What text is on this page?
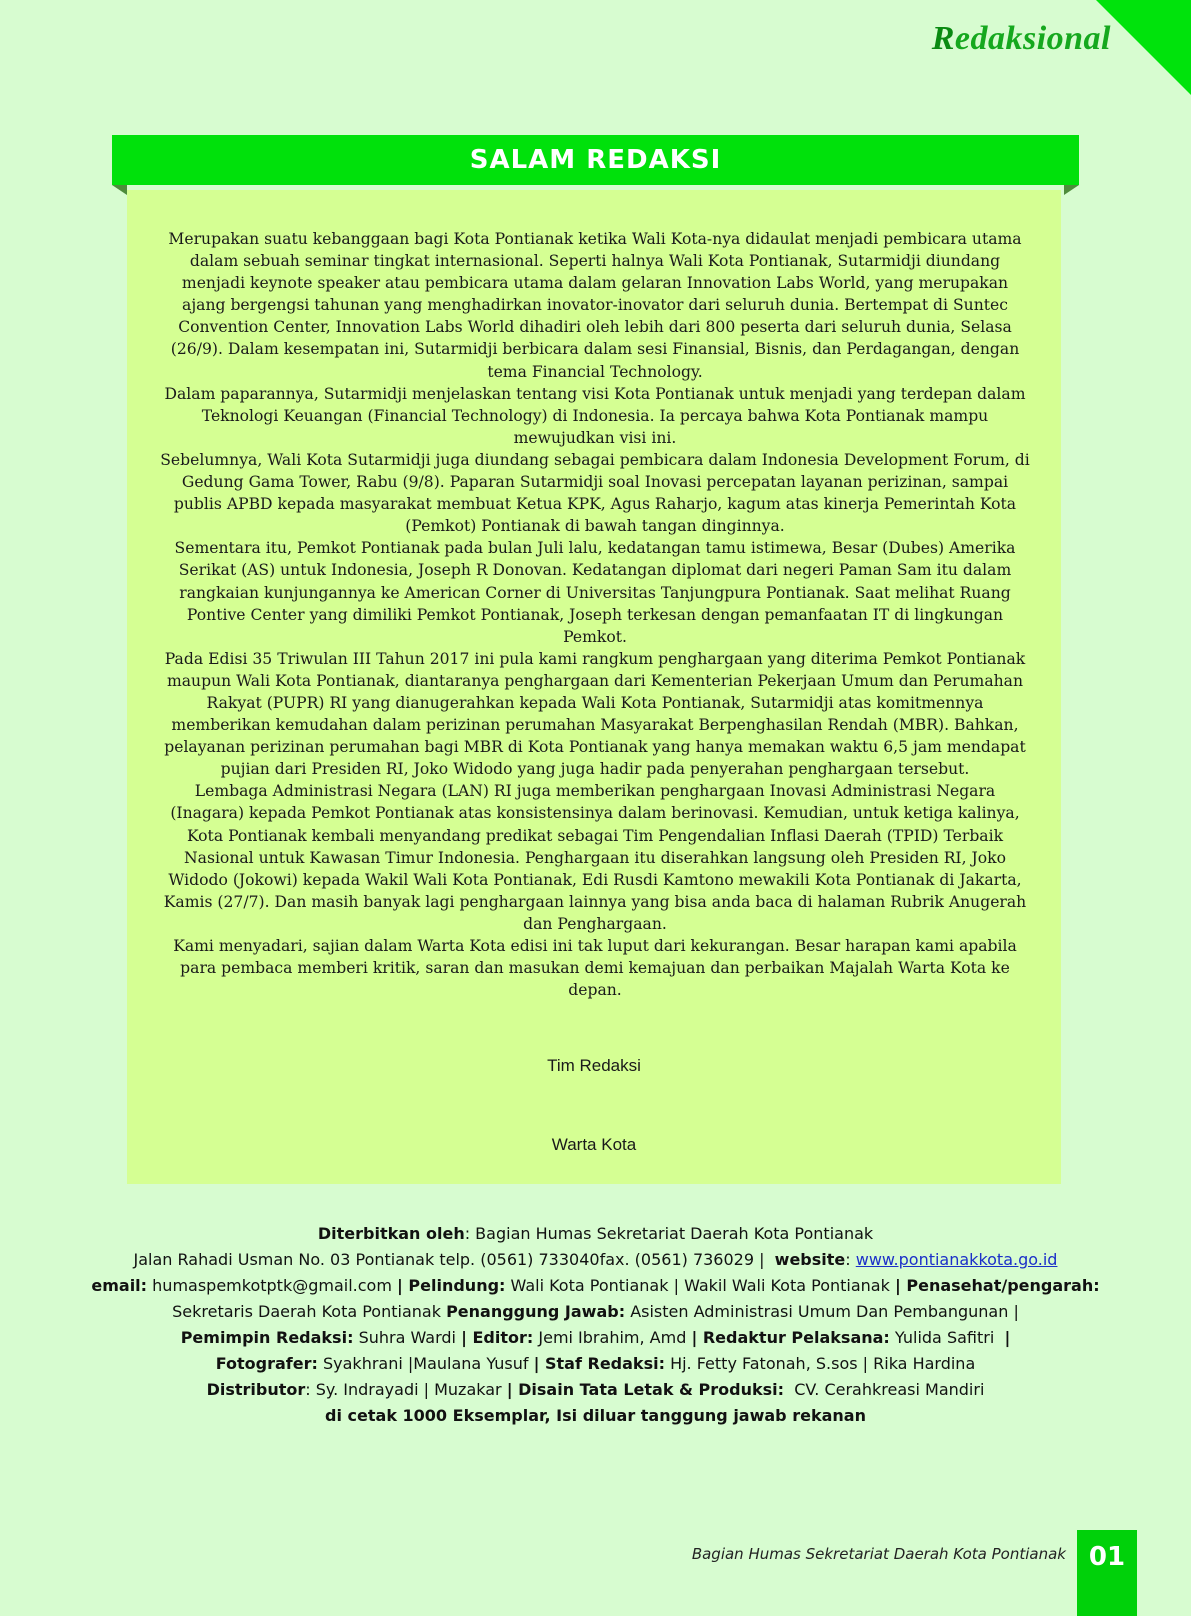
Redaksional
SALAM REDAKSI

Merupakan suatu kebanggaan bagi Kota Pontianak ketika Wali Kota-nya didaulat menjadi pembicara utama dalam sebuah seminar tingkat internasional. Seperti halnya Wali Kota Pontianak, Sutarmidji diundang menjadi keynote speaker atau pembicara utama dalam gelaran Innovation Labs World, yang merupakan ajang bergengsi tahunan yang menghadirkan inovator-inovator dari seluruh dunia. Bertempat di Suntec Convention Center, Innovation Labs World dihadiri oleh lebih dari 800 peserta dari seluruh dunia, Selasa (26/9). Dalam kesempatan ini, Sutarmidji berbicara dalam sesi Finansial, Bisnis, dan Perdagangan, dengan tema Financial Technology.

Dalam paparannya, Sutarmidji menjelaskan tentang visi Kota Pontianak untuk menjadi yang terdepan dalam Teknologi Keuangan (Financial Technology) di Indonesia. Ia percaya bahwa Kota Pontianak mampu mewujudkan visi ini.

Sebelumnya, Wali Kota Sutarmidji juga diundang sebagai pembicara dalam Indonesia Development Forum, di Gedung Gama Tower, Rabu (9/8). Paparan Sutarmidji soal Inovasi percepatan layanan perizinan, sampai publis APBD kepada masyarakat membuat Ketua KPK, Agus Raharjo, kagum atas kinerja Pemerintah Kota (Pemkot) Pontianak di bawah tangan dinginnya.

Sementara itu, Pemkot Pontianak pada bulan Juli lalu, kedatangan tamu istimewa, Besar (Dubes) Amerika Serikat (AS) untuk Indonesia, Joseph R Donovan. Kedatangan diplomat dari negeri Paman Sam itu dalam rangkaian kunjungannya ke American Corner di Universitas Tanjungpura Pontianak. Saat melihat Ruang Pontive Center yang dimiliki Pemkot Pontianak, Joseph terkesan dengan pemanfaatan IT di lingkungan Pemkot.

Pada Edisi 35 Triwulan III Tahun 2017 ini pula kami rangkum penghargaan yang diterima Pemkot Pontianak maupun Wali Kota Pontianak, diantaranya penghargaan dari Kementerian Pekerjaan Umum dan Perumahan Rakyat (PUPR) RI yang dianugerahkan kepada Wali Kota Pontianak, Sutarmidji atas komitmennya memberikan kemudahan dalam perizinan perumahan Masyarakat Berpenghasilan Rendah (MBR). Bahkan, pelayanan perizinan perumahan bagi MBR di Kota Pontianak yang hanya memakan waktu 6,5 jam mendapat pujian dari Presiden RI, Joko Widodo yang juga hadir pada penyerahan penghargaan tersebut.

Lembaga Administrasi Negara (LAN) RI juga memberikan penghargaan Inovasi Administrasi Negara (Inagara) kepada Pemkot Pontianak atas konsistensinya dalam berinovasi. Kemudian, untuk ketiga kalinya, Kota Pontianak kembali menyandang predikat sebagai Tim Pengendalian Inflasi Daerah (TPID) Terbaik Nasional untuk Kawasan Timur Indonesia. Penghargaan itu diserahkan langsung oleh Presiden RI, Joko Widodo (Jokowi) kepada Wakil Wali Kota Pontianak, Edi Rusdi Kamtono mewakili Kota Pontianak di Jakarta, Kamis (27/7). Dan masih banyak lagi penghargaan lainnya yang bisa anda baca di halaman Rubrik Anugerah dan Penghargaan.

Kami menyadari, sajian dalam Warta Kota edisi ini tak luput dari kekurangan. Besar harapan kami apabila para pembaca memberi kritik, saran dan masukan demi kemajuan dan perbaikan Majalah Warta Kota ke depan.

Tim Redaksi
Warta Kota

Diterbitkan oleh: Bagian Humas Sekretariat Daerah Kota Pontianak

Jalan Rahadi Usman No. 03 Pontianak telp. (0561) 733040fax. (0561) 736029 | website: www.pontianakkota.go.id

email: humaspemkotptk@gmail.com | Pelindung: Wali Kota Pontianak | Wakil Wali Kota Pontianak | Penasehat/pengarah:

Sekretaris Daerah Kota Pontianak Penanggung Jawab: Asisten Administrasi Umum Dan Pembangunan |

Pemimpin Redaksi: Suhra Wardi | Editor: Jemi Ibrahim, Amd | Redaktur Pelaksana: Yulida Safitri |

Fotografer: Syakhrani |Maulana Yusuf | Staf Redaksi: Hj. Fetty Fatonah, S.sos | Rika Hardina

Distributor: Sy. Indrayadi | Muzakar | Disain Tata Letak & Produksi: CV. Cerahkreasi Mandiri

di cetak 1000 Eksemplar, Isi diluar tanggung jawab rekanan

Bagian Humas Sekretariat Daerah Kota Pontianak 01
